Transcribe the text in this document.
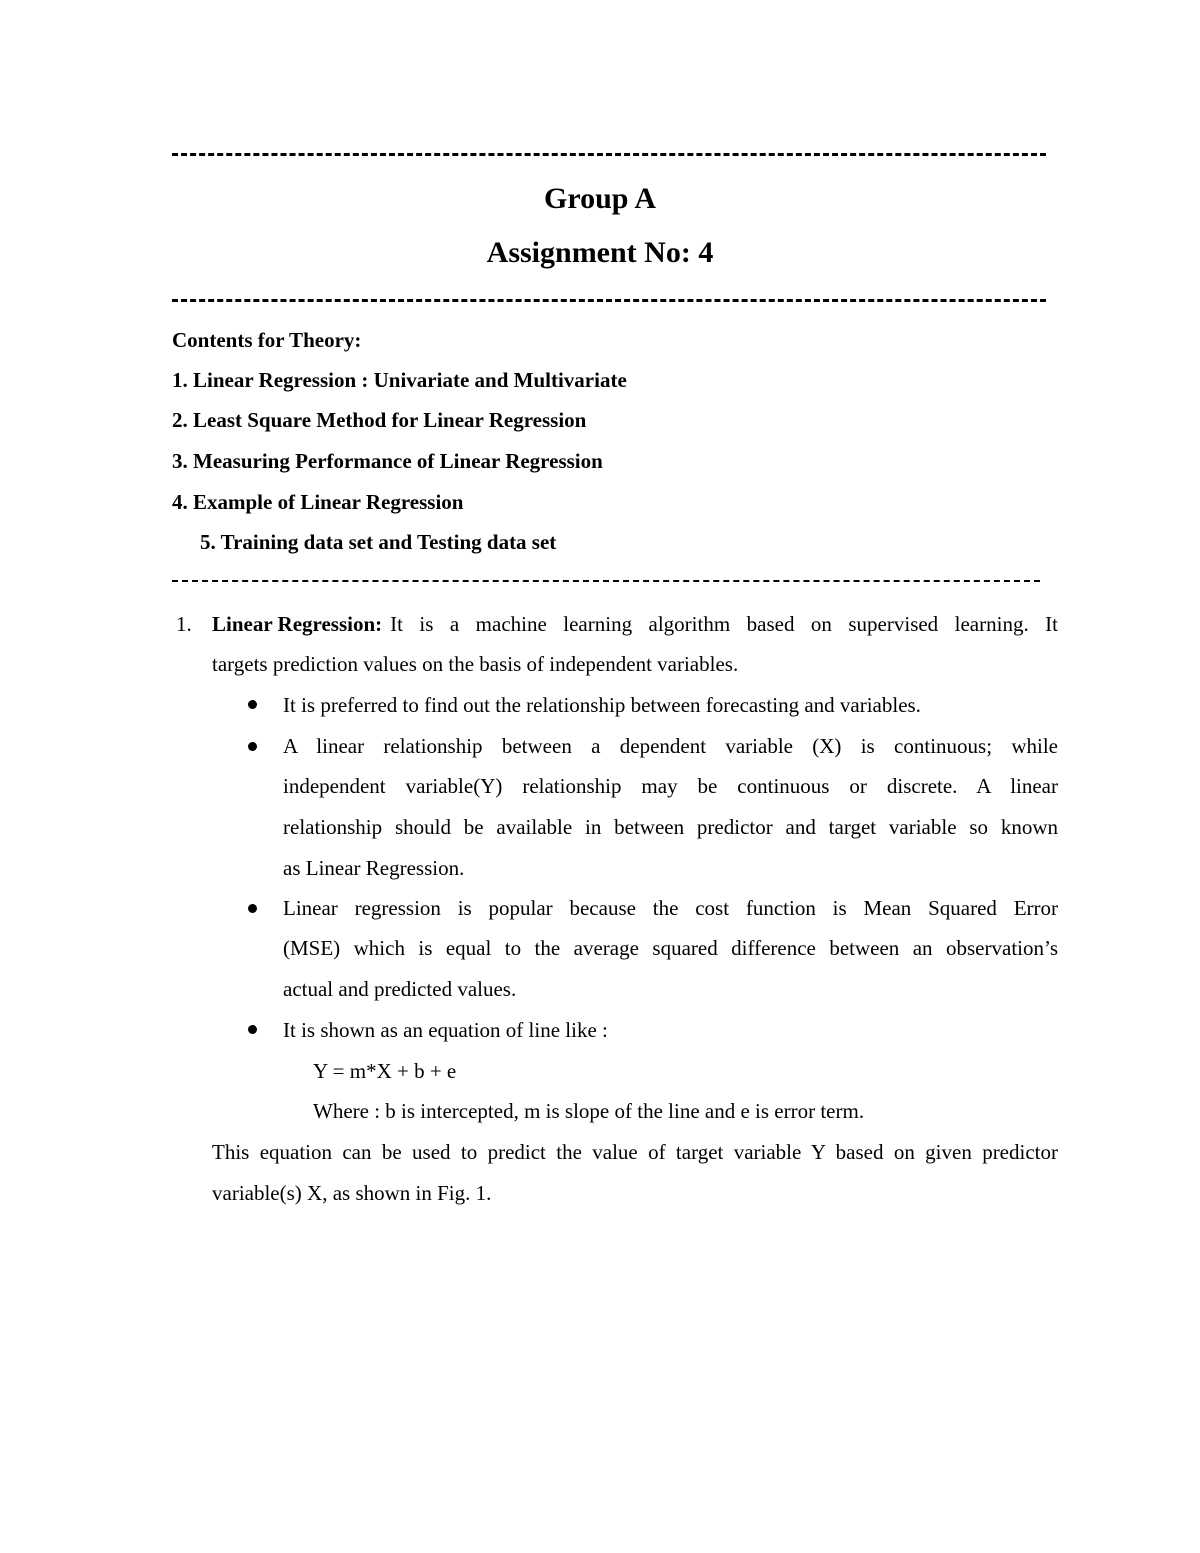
Group A
Assignment No: 4
Contents for Theory:
1. Linear Regression : Univariate and Multivariate
2. Least Square Method for Linear Regression
3. Measuring Performance of Linear Regression
4. Example of Linear Regression
5. Training data set and Testing data set
1. Linear Regression: It is a machine learning algorithm based on supervised learning. It
targets prediction values on the basis of independent variables.
It is preferred to find out the relationship between forecasting and variables.
A linear relationship between a dependent variable (X) is continuous; while
independent variable(Y) relationship may be continuous or discrete. A linear
relationship should be available in between predictor and target variable so known
as Linear Regression.
Linear regression is popular because the cost function is Mean Squared Error
(MSE) which is equal to the average squared difference between an observation’s
actual and predicted values.
It is shown as an equation of line like :
Y = m*X + b + e
Where : b is intercepted, m is slope of the line and e is error term.
This equation can be used to predict the value of target variable Y based on given predictor
variable(s) X, as shown in Fig. 1.
